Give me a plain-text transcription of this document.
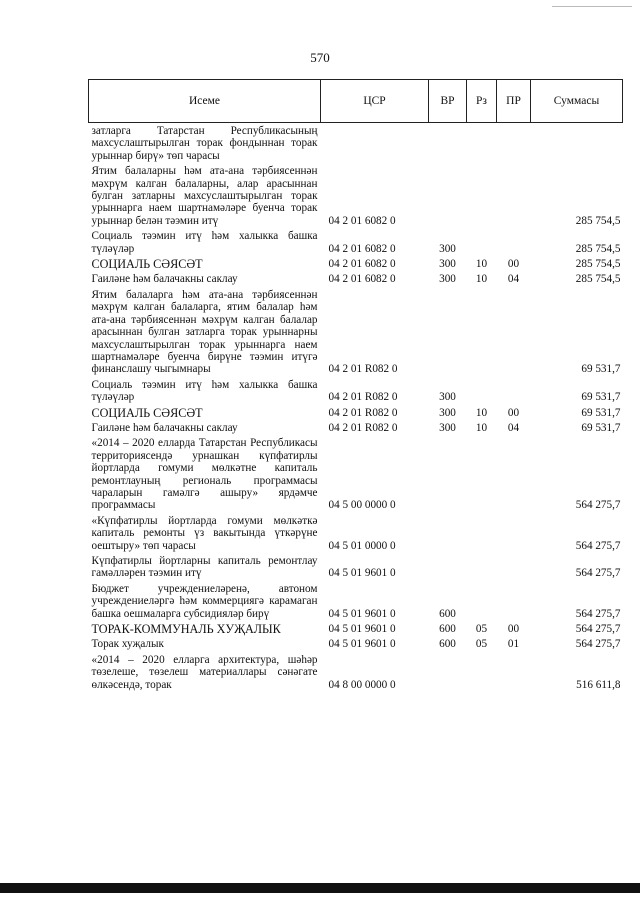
570
Исеме	ЦСР	ВР	Рз	ПР	Суммасы
затларга Татарстан Республикасының махсуслаштырылган торак фондыннан торак урыннар бирү» төп чарасы					
Ятим балаларны һәм ата-ана тәрбиясеннән мәхрүм калган балаларны, алар арасыннан булган затларны махсуслаштырылган торак урыннарга наем шартнамәләре буенча торак урыннар белән тәэмин итү	04 2 01 6082 0				285 754,5
Социаль тәэмин итү һәм халыкка башка түләүләр	04 2 01 6082 0	300			285 754,5
СОЦИАЛЬ СӘЯСӘТ	04 2 01 6082 0	300	10	00	285 754,5
Гаиләне һәм балачакны саклау	04 2 01 6082 0	300	10	04	285 754,5
Ятим балаларга һәм ата-ана тәрбиясеннән мәхрүм калган балаларга, ятим балалар һәм ата-ана тәрбиясеннән мәхрүм калган балалар арасыннан булган затларга торак урыннарны махсуслаштырылган торак урыннарга наем шартнамәләре буенча бирүне тәэмин итүгә финанслашу чыгымнары	04 2 01 R082 0				69 531,7
Социаль тәэмин итү һәм халыкка башка түләүләр	04 2 01 R082 0	300			69 531,7
СОЦИАЛЬ СӘЯСӘТ	04 2 01 R082 0	300	10	00	69 531,7
Гаиләне һәм балачакны саклау	04 2 01 R082 0	300	10	04	69 531,7
«2014 – 2020 елларда Татарстан Республикасы территориясендә урнашкан күпфатирлы йортларда гомуми мөлкәтне капиталь ремонтлауның региональ программасы чараларын гамәлгә ашыру» ярдәмче программасы	04 5 00 0000 0				564 275,7
«Күпфатирлы йортларда гомуми мөлкәткә капиталь ремонты үз вакытында үткәрүне оештыру» төп чарасы	04 5 01 0000 0				564 275,7
Күпфатирлы йортларны капиталь ремонтлау гамәлләрен тәэмин итү	04 5 01 9601 0				564 275,7
Бюджет учреждениеләренә, автоном учреждениеләргә һәм коммерциягә карамаган башка оешмаларга субсидияләр бирү	04 5 01 9601 0	600			564 275,7
ТОРАК-КОММУНАЛЬ ХУҖАЛЫК	04 5 01 9601 0	600	05	00	564 275,7
Торак хуҗалык	04 5 01 9601 0	600	05	01	564 275,7
«2014 – 2020 елларга архитектура, шәһәр төзелеше, төзелеш материаллары сәнәгате өлкәсендә, торак	04 8 00 0000 0				516 611,8
